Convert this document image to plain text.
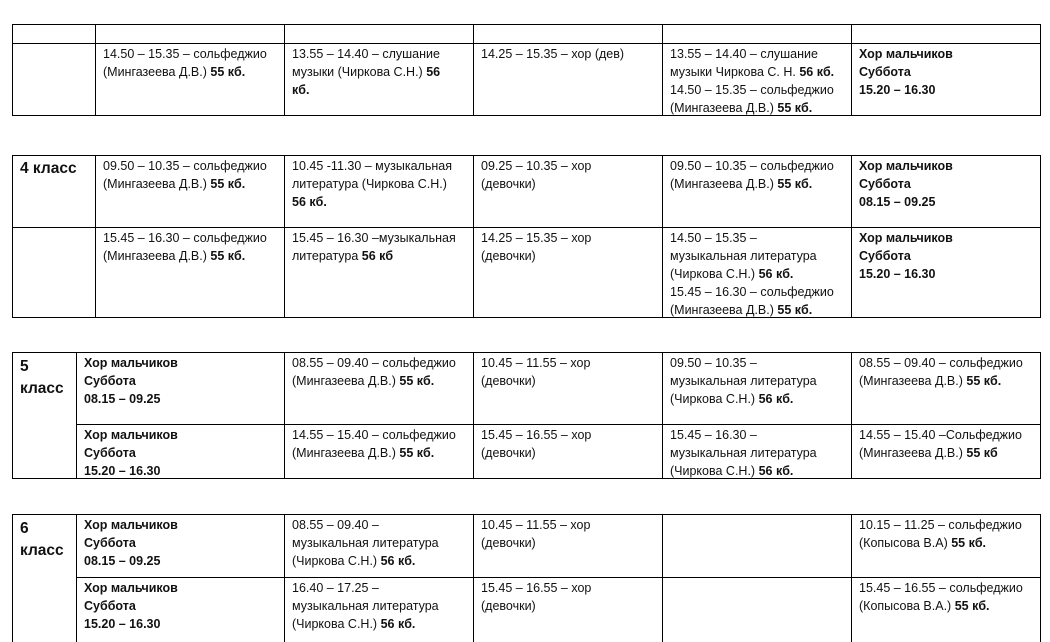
14.50 – 15.35 – сольфеджио
(Мингазеева Д.В.) 55 кб.
13.55 – 14.40 – слушание
музыки (Чиркова С.Н.) 56
кб.
14.25 – 15.35 – хор (дев)	13.55 – 14.40 – слушание
музыки Чиркова С. Н. 56 кб.
14.50 – 15.35 – сольфеджио
(Мингазеева Д.В.) 55 кб.
Хор мальчиков
Суббота
15.20 – 16.30
4 класс 09.50 – 10.35 – сольфеджио
(Мингазеева Д.В.) 55 кб.
10.45 -11.30 – музыкальная
литература (Чиркова С.Н.)
56 кб.
09.25 – 10.35 – хор
(девочки)
09.50 – 10.35 – сольфеджио
(Мингазеева Д.В.) 55 кб.
Хор мальчиков
Суббота
08.15 – 09.25
15.45 – 16.30 – сольфеджио
(Мингазеева Д.В.) 55 кб.
15.45 – 16.30 –музыкальная
литература 56 кб
14.25 – 15.35 – хор
(девочки)
14.50 – 15.35 –
музыкальная литература
(Чиркова С.Н.) 56 кб.
15.45 – 16.30 – сольфеджио
(Мингазеева Д.В.) 55 кб.
Хор мальчиков
Суббота
15.20 – 16.30
5
класс
Хор мальчиков
Суббота
08.15 – 09.25
08.55 – 09.40 – сольфеджио
(Мингазеева Д.В.) 55 кб.
10.45 – 11.55 – хор
(девочки)
09.50 – 10.35 –
музыкальная литература
(Чиркова С.Н.) 56 кб.
08.55 – 09.40 – сольфеджио
(Мингазеева Д.В.) 55 кб.
Хор мальчиков
Суббота
15.20 – 16.30
14.55 – 15.40 – сольфеджио
(Мингазеева Д.В.) 55 кб.
15.45 – 16.55 – хор
(девочки)
15.45 – 16.30 –
музыкальная литература
(Чиркова С.Н.) 56 кб.
14.55 – 15.40 –Сольфеджио
(Мингазеева Д.В.) 55 кб
6
класс
Хор мальчиков
Суббота
08.15 – 09.25
08.55 – 09.40 –
музыкальная литература
(Чиркова С.Н.) 56 кб.
10.45 – 11.55 – хор
(девочки)
10.15 – 11.25 – сольфеджио
(Копысова В.А) 55 кб.
Хор мальчиков
Суббота
15.20 – 16.30
16.40 – 17.25 –
музыкальная литература
(Чиркова С.Н.) 56 кб.
15.45 – 16.55 – хор
(девочки)
15.45 – 16.55 – сольфеджио
(Копысова В.А.) 55 кб.
